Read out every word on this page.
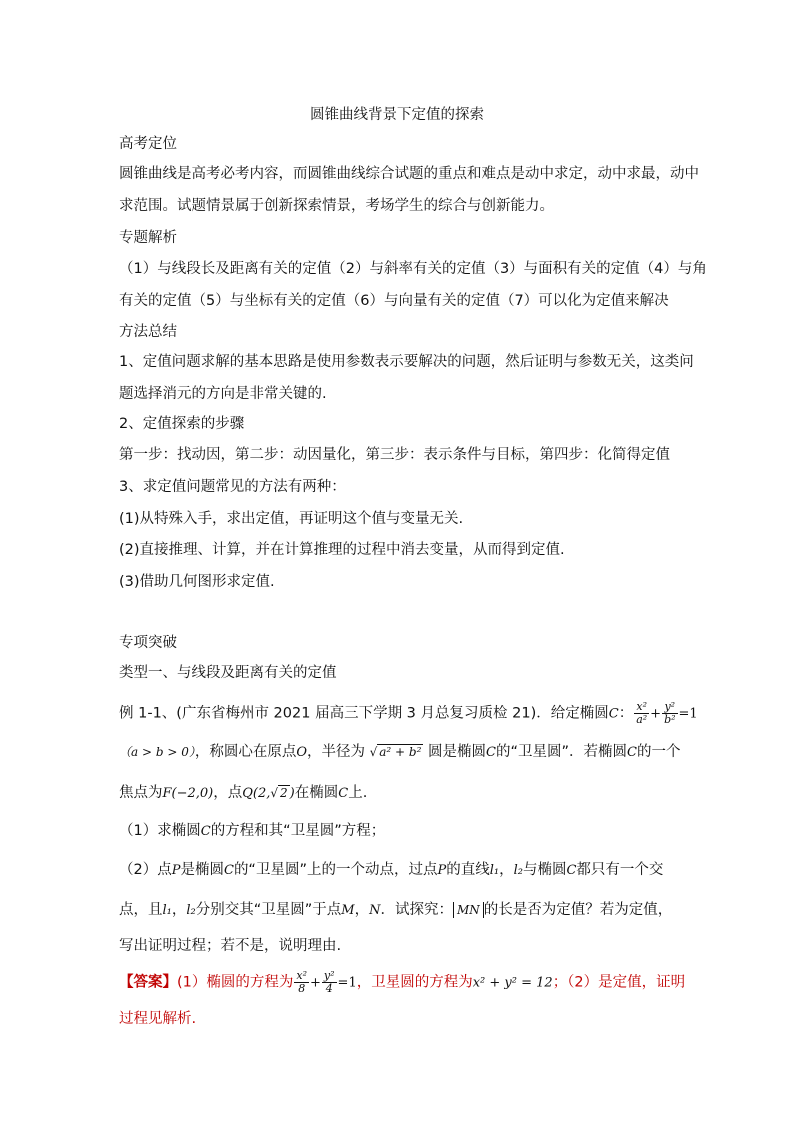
圆锥曲线背景下定值的探索
高考定位
圆锥曲线是高考必考内容，而圆锥曲线综合试题的重点和难点是动中求定，动中求最，动中
求范围。试题情景属于创新探索情景，考场学生的综合与创新能力。
专题解析
（1）与线段长及距离有关的定值（2）与斜率有关的定值（3）与面积有关的定值（4）与角
有关的定值（5）与坐标有关的定值（6）与向量有关的定值（7）可以化为定值来解决
方法总结
1、定值问题求解的基本思路是使用参数表示要解决的问题，然后证明与参数无关，这类问
题选择消元的方向是非常关键的.
2、定值探索的步骤
第一步：找动因，第二步：动因量化，第三步：表示条件与目标，第四步：化简得定值
3、求定值问题常见的方法有两种：
(1)从特殊入手，求出定值，再证明这个值与变量无关.
(2)直接推理、计算，并在计算推理的过程中消去变量，从而得到定值.
(3)借助几何图形求定值.
专项突破
类型一、与线段及距离有关的定值
例 1-1、(广东省梅州市 2021 届高三下学期 3 月总复习质检 21)．给定椭圆C： $\frac{\text{x²}}{\text{a²}} + \frac{\text{y²}}{\text{b²}} =1$
（a > b > 0），称圆心在原点O，半径为 √ a² + b² 圆是椭圆C的“卫星圆”．若椭圆C的一个
焦点为F(−2,0)，点Q(2,√ 2 )在椭圆C上.
（1）求椭圆C的方程和其“卫星圆”方程；
（2）点P是椭圆C的“卫星圆”上的一个动点，过点P的直线l₁，l₂与椭圆C都只有一个交
点，且l₁，l₂分别交其“卫星圆”于点M，N．试探究： MN 的长是否为定值？若为定值，
写出证明过程；若不是，说明理由.
【答案】(1）椭圆的方程为 $\frac{\text{x²}}{8} + \frac{\text{y²}}{4} =1$，卫星圆的方程为x² + y² = 12；（2）是定值，证明
过程见解析.
